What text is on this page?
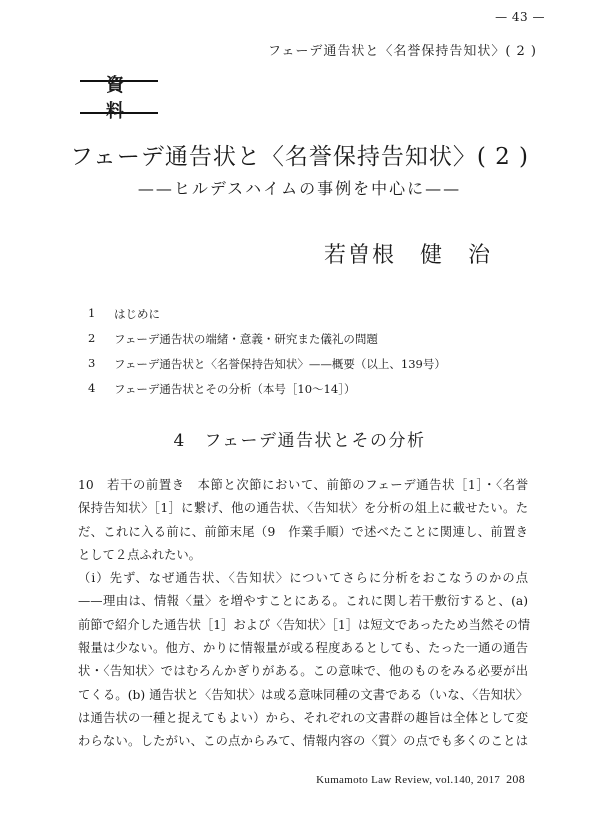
— 43 —
フェーデ通告状と〈名誉保持告知状〉( 2 )
資 料
フェーデ通告状と〈名誉保持告知状〉( 2 )
——ヒルデスハイムの事例を中心に——
若曽根　健　治
1	はじめに
2	フェーデ通告状の端緒・意義・研究また儀礼の問題
3	フェーデ通告状と〈名誉保持告知状〉——概要（以上、139号）
4	フェーデ通告状とその分析（本号［10～14］）
4　フェーデ通告状とその分析
10　若干の前置き　本節と次節において、前節のフェーデ通告状［1］・〈名誉
保持告知状〉［1］に繋げ、他の通告状、〈告知状〉を分析の俎上に載せたい。た
だ、これに入る前に、前節末尾（9　作業手順）で述べたことに関連し、前置き
として２点ふれたい。
（ⅰ）先ず、なぜ通告状、〈告知状〉についてさらに分析をおこなうのかの点
——理由は、情報〈量〉を増やすことにある。これに関し若干敷衍すると、(a)
前節で紹介した通告状［1］および〈告知状〉［1］は短文であったため当然その情
報量は少ない。他方、かりに情報量が或る程度あるとしても、たった一通の通告
状・〈告知状〉ではむろんかぎりがある。この意味で、他のものをみる必要が出
てくる。(b) 通告状と〈告知状〉は或る意味同種の文書である（いな、〈告知状〉
は通告状の一種と捉えてもよい）から、それぞれの文書群の趣旨は全体として変
わらない。したがい、この点からみて、情報内容の〈質〉の点でも多くのことは
Kumamoto Law Review, vol.140, 2017 208
